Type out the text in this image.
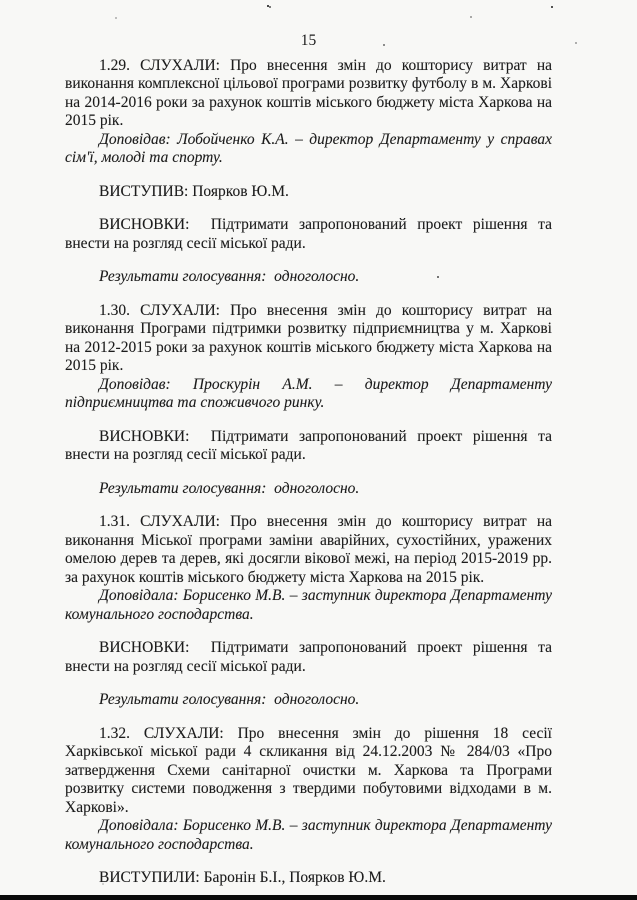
15

1.29. СЛУХАЛИ: Про внесення змін до кошторису витрат на виконання комплексної цільової програми розвитку футболу в м. Харкові на 2014-2016 роки за рахунок коштів міського бюджету міста Харкова на 2015 рік.

Доповідав: Лобойченко К.А. – директор Департаменту у справах сім'ї, молоді та спорту.

ВИСТУПИВ: Поярков Ю.М.

ВИСНОВКИ:  Підтримати запропонований проект рішення та внести на розгляд сесії міської ради.

Результати голосування:  одноголосно.

1.30. СЛУХАЛИ: Про внесення змін до кошторису витрат на виконання Програми підтримки розвитку підприємництва у м. Харкові на 2012-2015 роки за рахунок коштів міського бюджету міста Харкова на 2015 рік.

Доповідав: Проскурін А.М. – директор Департаменту підприємництва та споживчого ринку.

ВИСНОВКИ:  Підтримати запропонований проект рішення та внести на розгляд сесії міської ради.

Результати голосування:  одноголосно.

1.31. СЛУХАЛИ: Про внесення змін до кошторису витрат на виконання Міської програми заміни аварійних, сухостійних, уражених омелою дерев та дерев, які досягли вікової межі, на період 2015-2019 рр. за рахунок коштів міського бюджету міста Харкова на 2015 рік.

Доповідала: Борисенко М.В. – заступник директора Департаменту комунального господарства.

ВИСНОВКИ:  Підтримати запропонований проект рішення та внести на розгляд сесії міської ради.

Результати голосування:  одноголосно.

1.32. СЛУХАЛИ: Про внесення змін до рішення 18 сесії Харківської міської ради 4 скликання від 24.12.2003 № 284/03 «Про затвердження Схеми санітарної очистки м. Харкова та Програми розвитку системи поводження з твердими побутовими відходами в м. Харкові».

Доповідала: Борисенко М.В. – заступник директора Департаменту комунального господарства.

ВИСТУПИЛИ: Баронін Б.І., Поярков Ю.М.
